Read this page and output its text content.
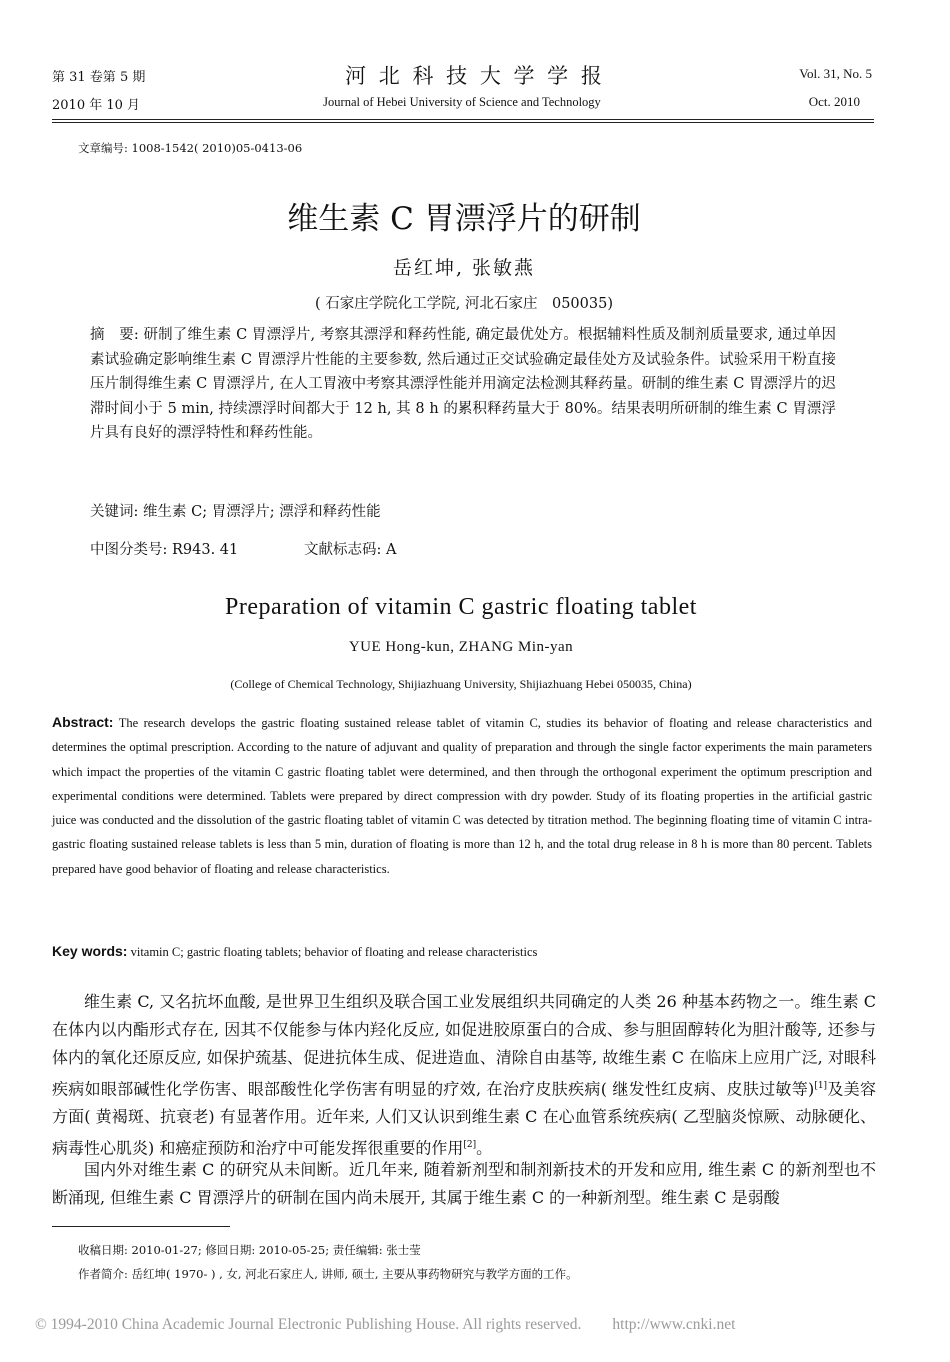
第 31 卷第 5 期
2010 年 10 月
河 北 科 技 大 学 学 报
Journal of Hebei University of Science and Technology
Vol. 31, No. 5
Oct. 2010
文章编号: 1008-1542( 2010)05-0413-06
维生素 C 胃漂浮片的研制
岳红坤, 张敏燕
( 石家庄学院化工学院, 河北石家庄　050035)
摘　要: 研制了维生素 C 胃漂浮片, 考察其漂浮和释药性能, 确定最优处方。根据辅料性质及制剂质量要求, 通过单因素试验确定影响维生素 C 胃漂浮片性能的主要参数, 然后通过正交试验确定最佳处方及试验条件。试验采用干粉直接压片制得维生素 C 胃漂浮片, 在人工胃液中考察其漂浮性能并用滴定法检测其释药量。研制的维生素 C 胃漂浮片的迟滞时间小于 5 min, 持续漂浮时间都大于 12 h, 其 8 h 的累积释药量大于 80%。结果表明所研制的维生素 C 胃漂浮片具有良好的漂浮特性和释药性能。
关键词: 维生素 C; 胃漂浮片; 漂浮和释药性能
中图分类号: R943. 41	文献标志码: A
Preparation of vitamin C gastric floating tablet
YUE Hong-kun, ZHANG Min-yan
(College of Chemical Technology, Shijiazhuang University, Shijiazhuang Hebei 050035, China)
Abstract: The research develops the gastric floating sustained release tablet of vitamin C, studies its behavior of floating and release characteristics and determines the optimal prescription. According to the nature of adjuvant and quality of preparation and through the single factor experiments the main parameters which impact the properties of the vitamin C gastric floating tablet were determined, and then through the orthogonal experiment the optimum prescription and experimental conditions were determined. Tablets were prepared by direct compression with dry powder. Study of its floating properties in the artificial gastric juice was conducted and the dissolution of the gastric floating tablet of vitamin C was detected by titration method. The beginning floating time of vitamin C intra-gastric floating sustained release tablets is less than 5 min, duration of floating is more than 12 h, and the total drug release in 8 h is more than 80 percent. Tablets prepared have good behavior of floating and release characteristics.
Key words: vitamin C; gastric floating tablets; behavior of floating and release characteristics
维生素 C, 又名抗坏血酸, 是世界卫生组织及联合国工业发展组织共同确定的人类 26 种基本药物之一。维生素 C 在体内以内酯形式存在, 因其不仅能参与体内羟化反应, 如促进胶原蛋白的合成、参与胆固醇转化为胆汁酸等, 还参与体内的氧化还原反应, 如保护巯基、促进抗体生成、促进造血、清除自由基等, 故维生素 C 在临床上应用广泛, 对眼科疾病如眼部碱性化学伤害、眼部酸性化学伤害有明显的疗效, 在治疗皮肤疾病( 继发性红皮病、皮肤过敏等)[1]及美容方面( 黄褐斑、抗衰老) 有显著作用。近年来, 人们又认识到维生素 C 在心血管系统疾病( 乙型脑炎惊厥、动脉硬化、病毒性心肌炎) 和癌症预防和治疗中可能发挥很重要的作用[2]。
国内外对维生素 C 的研究从未间断。近几年来, 随着新剂型和制剂新技术的开发和应用, 维生素 C 的新剂型也不断涌现, 但维生素 C 胃漂浮片的研制在国内尚未展开, 其属于维生素 C 的一种新剂型。维生素 C 是弱酸
收稿日期: 2010-01-27; 修回日期: 2010-05-25; 责任编辑: 张士莹
作者简介: 岳红坤( 1970- ) , 女, 河北石家庄人, 讲师, 硕士, 主要从事药物研究与教学方面的工作。
© 1994-2010 China Academic Journal Electronic Publishing House. All rights reserved.　　http://www.cnki.net
